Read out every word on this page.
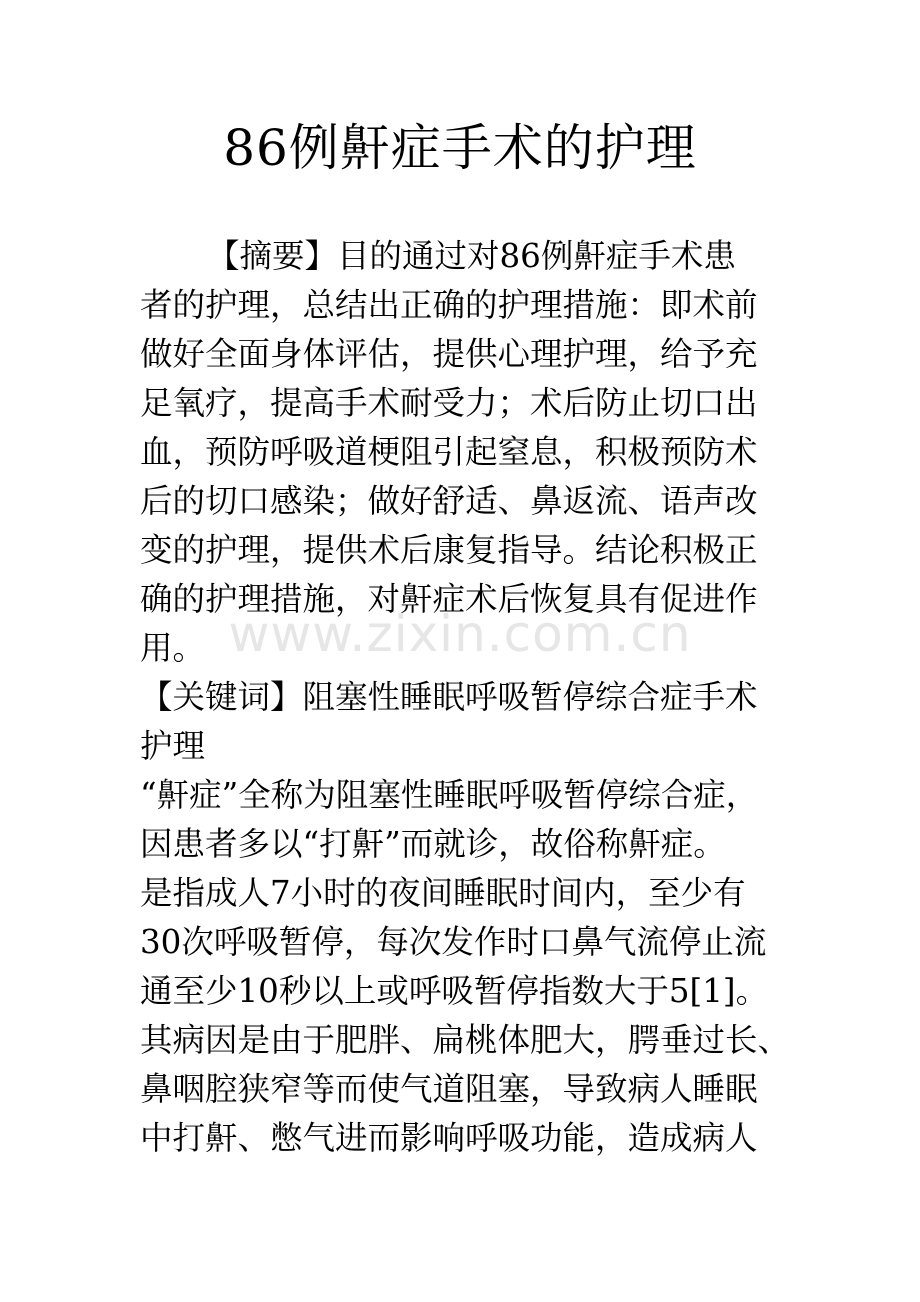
86例鼾症手术的护理
www.zixin.com.cn
【摘要】目的通过对86例鼾症手术患
者的护理，总结出正确的护理措施：即术前
做好全面身体评估，提供心理护理，给予充
足氧疗，提高手术耐受力；术后防止切口出
血，预防呼吸道梗阻引起窒息，积极预防术
后的切口感染；做好舒适、鼻返流、语声改
变的护理，提供术后康复指导。结论积极正
确的护理措施，对鼾症术后恢复具有促进作
用。
【关键词】阻塞性睡眠呼吸暂停综合症手术
护理
“鼾症”全称为阻塞性睡眠呼吸暂停综合症，
因患者多以“打鼾”而就诊，故俗称鼾症。
是指成人7小时的夜间睡眠时间内，至少有
30次呼吸暂停，每次发作时口鼻气流停止流
通至少10秒以上或呼吸暂停指数大于5[1]。
其病因是由于肥胖、扁桃体肥大，腭垂过长、
鼻咽腔狭窄等而使气道阻塞，导致病人睡眠
中打鼾、憋气进而影响呼吸功能，造成病人
